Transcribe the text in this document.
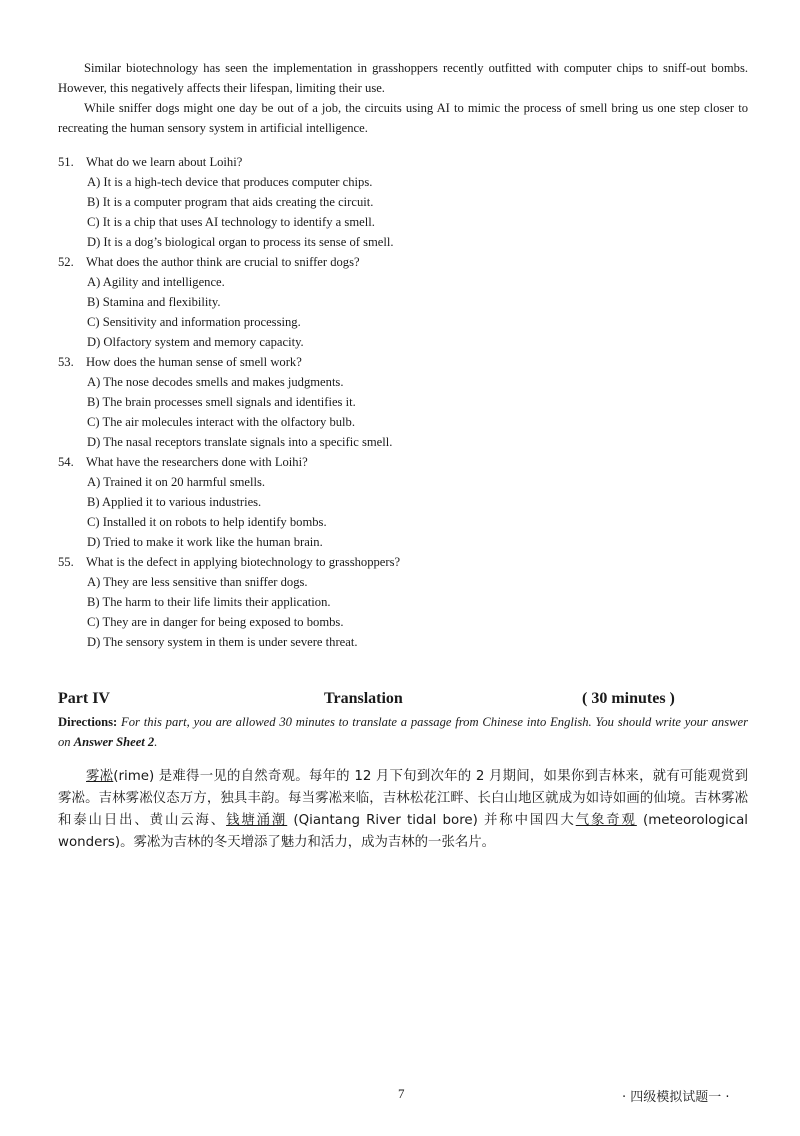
Similar biotechnology has seen the implementation in grasshoppers recently outfitted with computer chips to sniff-out bombs. However, this negatively affects their lifespan, limiting their use.

While sniffer dogs might one day be out of a job, the circuits using AI to mimic the process of smell bring us one step closer to recreating the human sensory system in artificial intelligence.

51. What do we learn about Loihi?

A) It is a high-tech device that produces computer chips.

B) It is a computer program that aids creating the circuit.

C) It is a chip that uses AI technology to identify a smell.

D) It is a dog’s biological organ to process its sense of smell.

52. What does the author think are crucial to sniffer dogs?

A) Agility and intelligence.

B) Stamina and flexibility.

C) Sensitivity and information processing.

D) Olfactory system and memory capacity.

53. How does the human sense of smell work?

A) The nose decodes smells and makes judgments.

B) The brain processes smell signals and identifies it.

C) The air molecules interact with the olfactory bulb.

D) The nasal receptors translate signals into a specific smell.

54. What have the researchers done with Loihi?

A) Trained it on 20 harmful smells.

B) Applied it to various industries.

C) Installed it on robots to help identify bombs.

D) Tried to make it work like the human brain.

55. What is the defect in applying biotechnology to grasshoppers?

A) They are less sensitive than sniffer dogs.

B) The harm to their life limits their application.

C) They are in danger for being exposed to bombs.

D) The sensory system in them is under severe threat.

Part IV	Translation	( 30 minutes )

Directions: For this part, you are allowed 30 minutes to translate a passage from Chinese into English. You should write your answer on Answer Sheet 2.

雾凇(rime) 是难得一见的自然奇观。每年的 12 月下旬到次年的 2 月期间，如果你到吉林来，就有可能观赏到雾凇。吉林雾凇仪态万方，独具丰韵。每当雾凇来临，吉林松花江畔、长白山地区就成为如诗如画的仙境。吉林雾凇和泰山日出、黄山云海、钱塘涌潮 (Qiantang River tidal bore) 并称中国四大气象奇观 (meteorological wonders)。雾凇为吉林的冬天增添了魅力和活力，成为吉林的一张名片。

7	· 四级模拟试题一 ·
